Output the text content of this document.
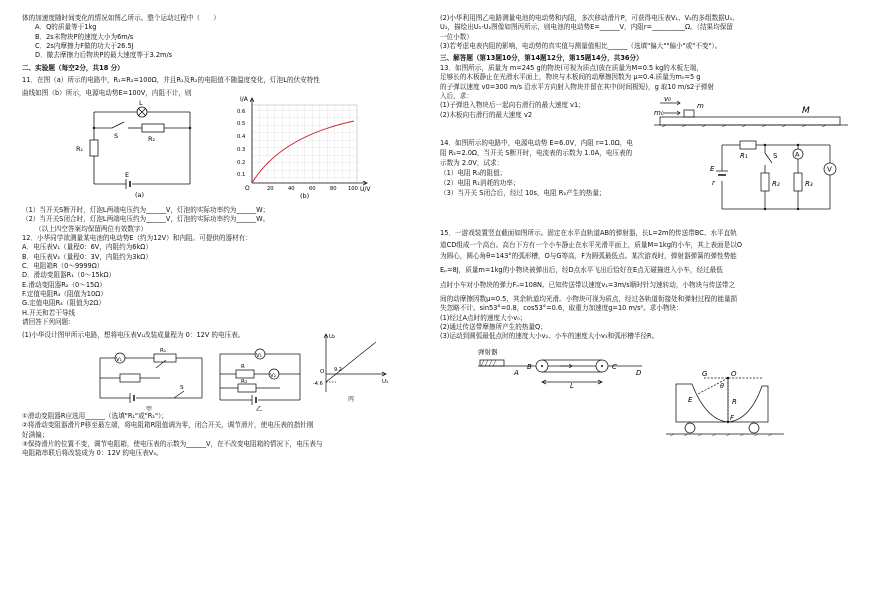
体的加速度随时间变化的情况如图乙所示。整个运动过程中（　　）
A．Q的质量等于1kg
B．2s末物块P的速度大小为6m/s
C．2s内摩擦力F做的功大于26.5J
D．撤去摩擦力后物块P的最大速度等于3.2m/s
二、实验题（每空2分，共18 分）
11．在图（a）所示的电路中，R₁=R₂=100Ω，并且R₁及R₂的电阻值不随温度变化，灯泡L的伏安特性
曲线如图（b）所示，电源电动势E=100V，内阻不计，则
L
S	R₂
R₁
E
(a)
I/A
U/V
O
0.6
0.5
0.4
0.3
0.2
0.1
20	40	60	80 100
(b)
（1）当开关S断开时，灯泡L两端电压约为______V，灯泡的实际功率约为______W；
（2）当开关S闭合时，灯泡L两端电压约为______V，灯泡的实际功率约为______W。
（以上四空答案均保留两位有效数字）
12．小华同学欲测量某电池的电动势E（约为12V）和内阻。可提供的器材有：
A．电压表V₁（量程0：6V，内阻约为6kΩ）
B．电压表V₂（量程0：3V，内阻约为3kΩ）
C．电阻箱R（0～9999Ω）
D．滑动变阻器R₁（0～15kΩ）
E.滑动变阻器R₂（0～15Ω）
F.定值电阻R₃（阻值为10Ω）
G.定值电阻R₄（阻值为2Ω）
H.开关和若干导线
请回答下列问题：
(1)小华设计图甲所示电路，想将电压表V₁改装成量程为 0：12V 的电压表。
V₁
R₁
S
甲
V₁
V₂
R
R₃
乙
U₂
U₁
O
-4.6
9.2
丙
①滑动变阻器R应选用______（选填"R₁"或"R₂"）；
②将滑动变阻器滑片P移至最左端，将电阻箱R阻值调为零，闭合开关，调节滑片，使电压表的指针刚
好满偏；
③保持滑片的位置不变，调节电阻箱，使电压表的示数为______V，在不改变电阻箱的情况下，电压表与
电阻箱串联后将改装成为 0：12V 的电压表V₃。
(2)小华利用图乙电路测量电池的电动势和内阻，多次移动滑片P，可获得电压表V₁、V₂的多组数据U₁、
U₂，描绘出U₁-U₂图像如图丙所示，则电池的电动势E=______V，内阻r=__________Ω。（结果均保留
一位小数）
(3)若考虑电表内阻的影响，电动势的真实值与测量值相比______（选填"偏大""偏小"或"不变"）。
三、解答题（第13题10分，第14题12分，第15题14分，共36分）
13．如图所示，质量为 m=245 g的物块(可视为质点)放在质量为M=0.5 kg的木板左端，
足够长的木板静止在光滑水平面上，物块与木板间的动摩擦因数为 μ=0.4.质量为m₀=5 g
的子弹以速度 v0=300 m/s 沿水平方向射入物块并留在其中(时间极短)，g 取10 m/s2子弹射
入后，求：
(1)子弹进入物块后一起向右滑行的最大速度 v1；
(2)木板向右滑行的最大速度 v2
v₀
m₀
m	M
14．如图所示的电路中，电源电动势 E=6.0V，内阻 r=1.0Ω，电
阻 R₂=2.0Ω，当开关 S断开时，电流表的示数为 1.0A，电压表的
示数为 2.0V，试求：
（1）电阻 R₃的阻值；
（2）电阻 R₁消耗的功率；
（3）当开关 S闭合后，经过 10s，电阻 R₂产生的热量；
R₁	S	A
V
E
r	R₂	R₃
15．一游戏装置竖直截面如图所示。固定在水平直轨道AB的弹射器，长L=2m的传送带BC、水平直轨
道CD组成一个高台。高台下方有一个小车静止在水平光滑平面上，质量M=1kg的小车，其上表面是以O
为圆心，圆心角θ=143°的弧形槽，O与G等高，F为圆弧最低点。某次游戏时，弹射器弹簧的弹性势能
Eₚ=8J，质量m=1kg的小物块被弹出后，经D点水平飞出后恰好在E点无碰撞进入小车，经过最低
点时小车对小物块的弹力Fₙ=108N。已知传送带以速度v₁=3m/s顺时针匀速转动，小物块与传送带之
间的动摩擦因数μ=0.5，其余轨道均光滑。小物块可视为质点，经过各轨道衔接处和弹射过程的能量损
失忽略不计。sin53°=0.8，cos53°=0.6，取重力加速度g=10 m/s²。求小物块：
(1)经过A点时的速度大小v₀；
(2)通过传送带摩擦所产生的热量Q；
(3)运动到圆弧最低点时的速度大小v₂、小车的速度大小v₃和弧形槽半径R。
弹射器
A
B	C
D
L
G	O
θ
E	R
F
